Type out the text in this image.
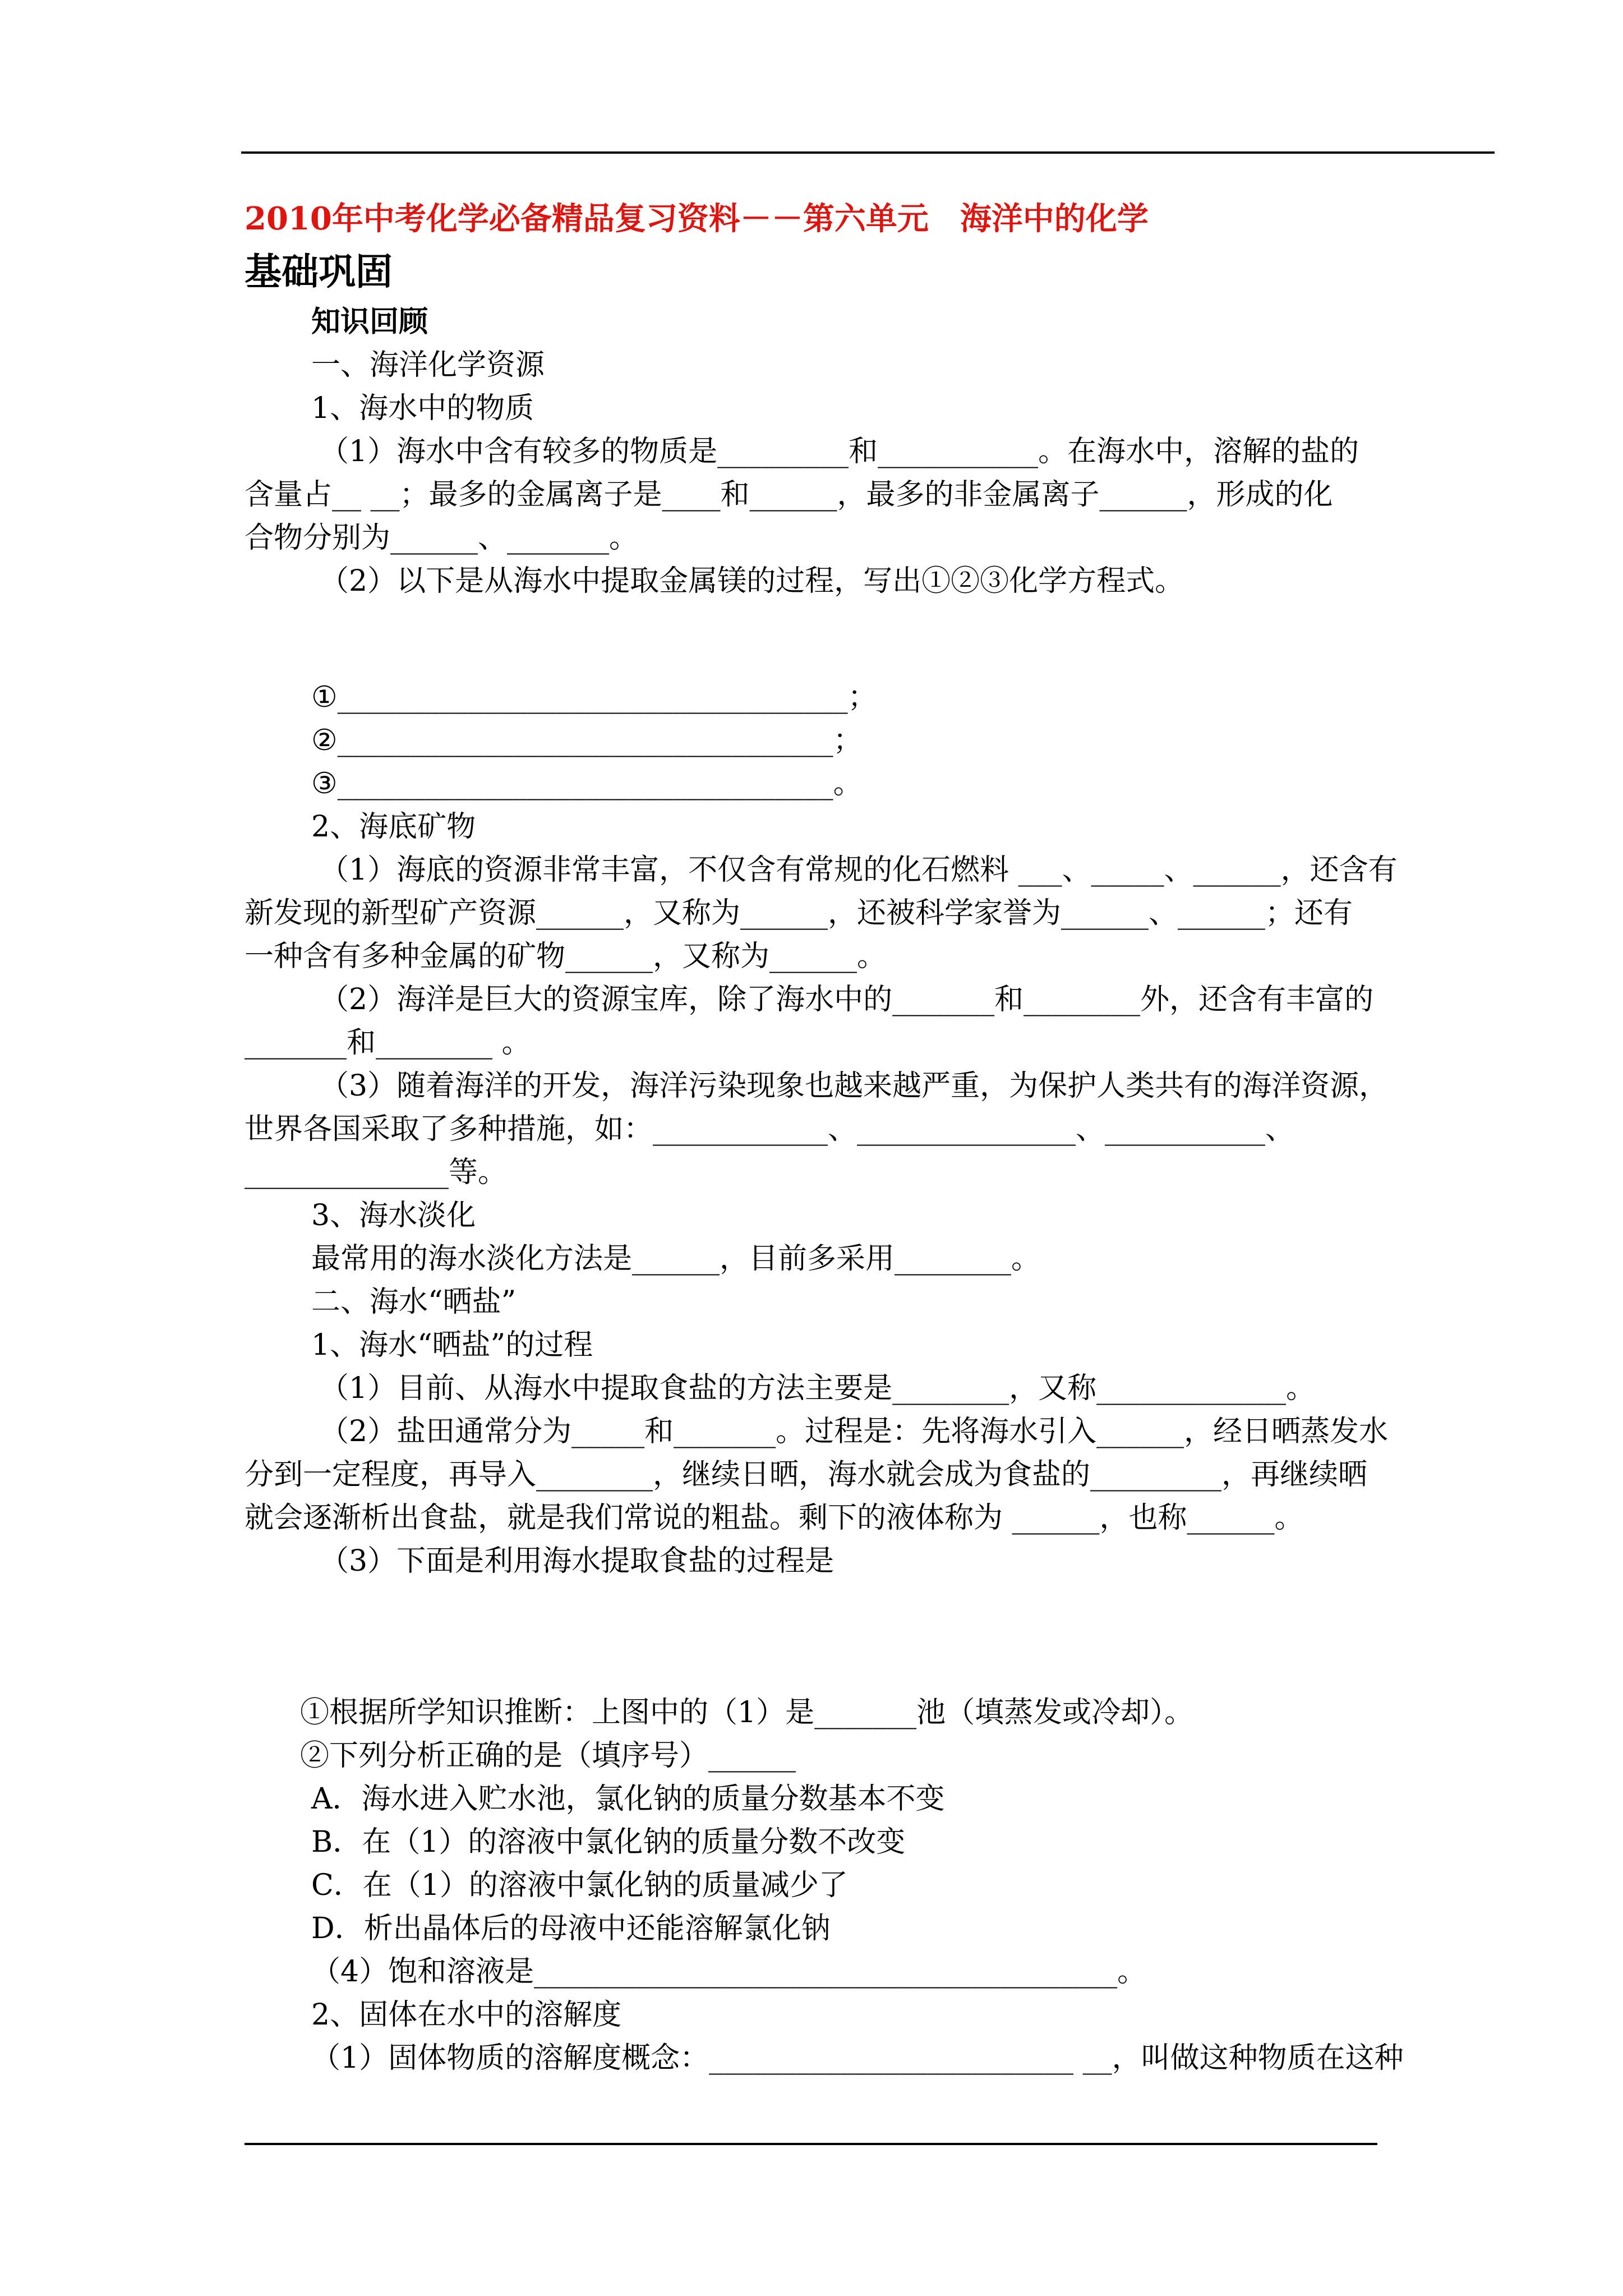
2010年中考化学必备精品复习资料－－第六单元　海洋中的化学
基础巩固
知识回顾
一、海洋化学资源
1、海水中的物质
（1）海水中含有较多的物质是_________和___________。在海水中，溶解的盐的
含量占__ __；最多的金属离子是____和______，最多的非金属离子______，形成的化
合物分别为______、_______。
（2）以下是从海水中提取金属镁的过程，写出①②③化学方程式。
①___________________________________；
②__________________________________；
③__________________________________。
2、海底矿物
（1）海底的资源非常丰富，不仅含有常规的化石燃料 ___、_____、______，还含有
新发现的新型矿产资源______，又称为______，还被科学家誉为______、______；还有
一种含有多种金属的矿物______，又称为______。
（2）海洋是巨大的资源宝库，除了海水中的_______和________外，还含有丰富的
_______和________ 。
（3）随着海洋的开发，海洋污染现象也越来越严重，为保护人类共有的海洋资源，
世界各国采取了多种措施，如：____________、_______________、___________、
______________等。
3、海水淡化
最常用的海水淡化方法是______，目前多采用________。
二、海水“晒盐”
1、海水“晒盐”的过程
（1）目前、从海水中提取食盐的方法主要是________，又称_____________。
（2）盐田通常分为_____和_______。过程是：先将海水引入______，经日晒蒸发水
分到一定程度，再导入________，继续日晒，海水就会成为食盐的_________，再继续晒
就会逐渐析出食盐，就是我们常说的粗盐。剩下的液体称为 ______，也称______。
（3）下面是利用海水提取食盐的过程是
①根据所学知识推断：上图中的（1）是_______池（填蒸发或冷却）。
②下列分析正确的是（填序号）______
A．海水进入贮水池，氯化钠的质量分数基本不变
B．在（1）的溶液中氯化钠的质量分数不改变
C．在（1）的溶液中氯化钠的质量减少了
D．析出晶体后的母液中还能溶解氯化钠
（4）饱和溶液是________________________________________。
2、固体在水中的溶解度
（1）固体物质的溶解度概念：_________________________ __，叫做这种物质在这种
